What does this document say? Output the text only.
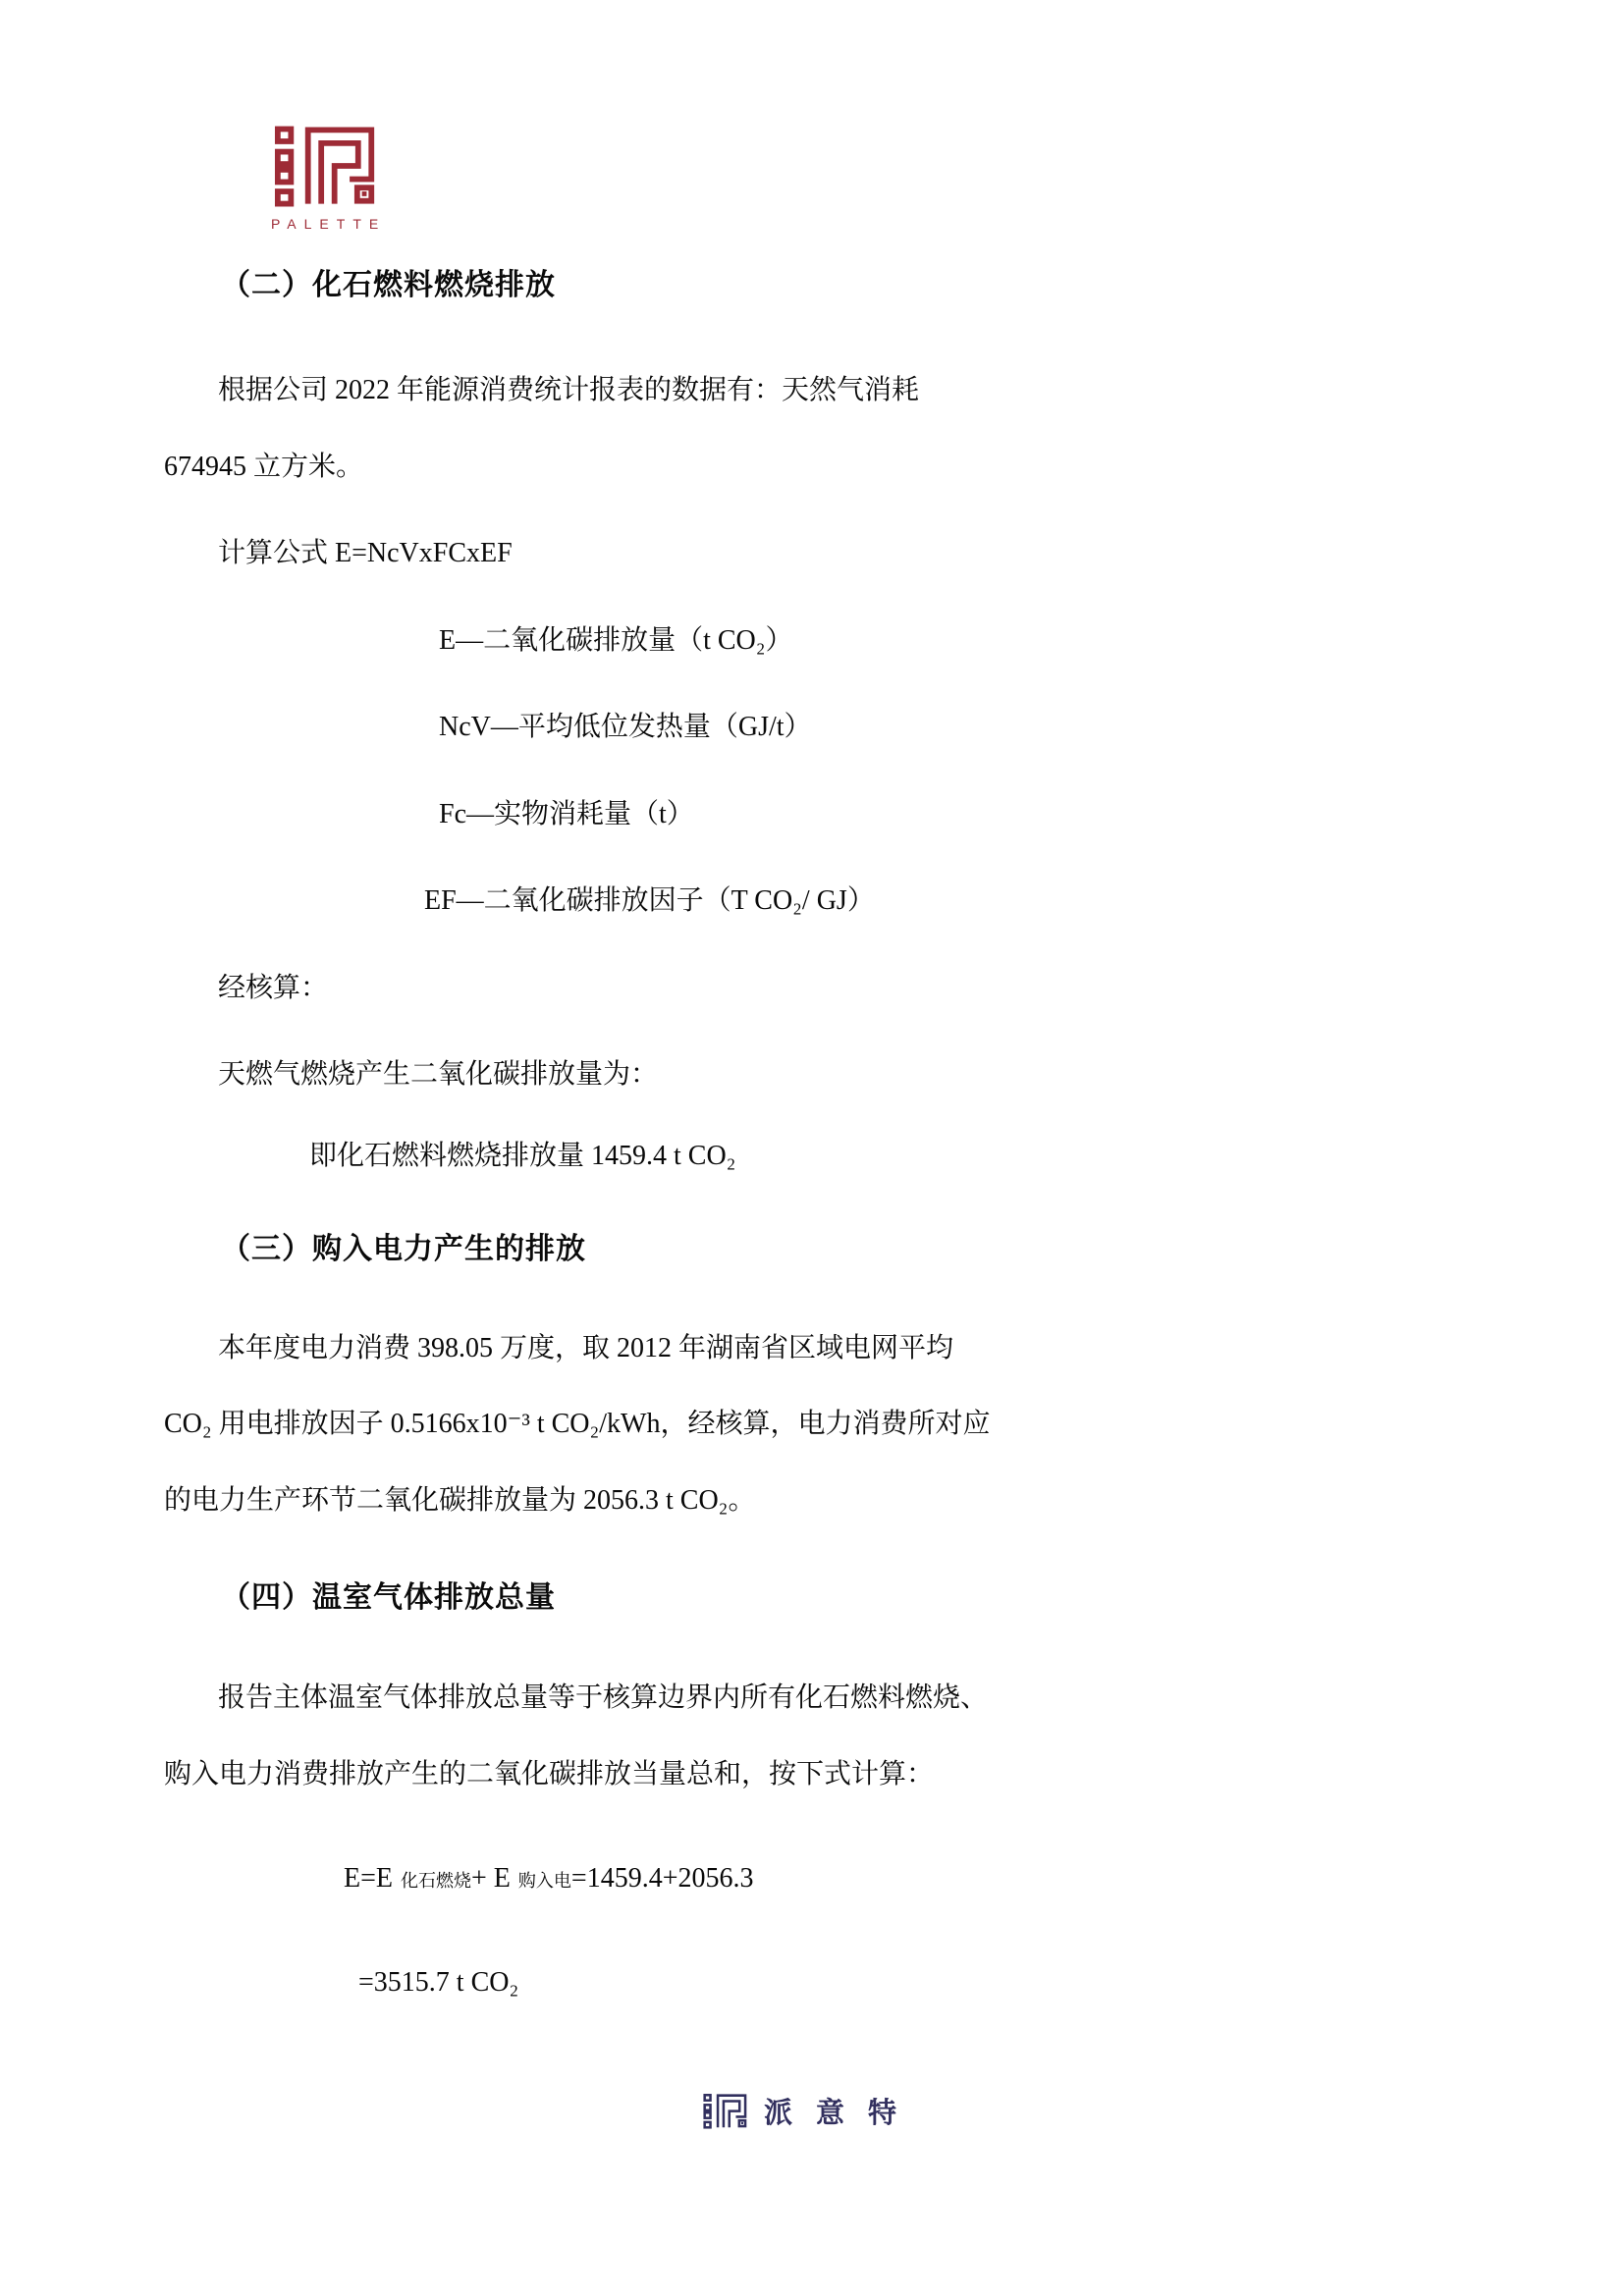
PALETTE
（二）化石燃料燃烧排放
根据公司 2022 年能源消费统计报表的数据有：天然气消耗
674945 立方米。
计算公式 E=NcVxFCxEF
E—二氧化碳排放量（t CO₂）
NcV—平均低位发热量（GJ/t）
Fc—实物消耗量（t）
EF—二氧化碳排放因子（T CO₂/ GJ）
经核算：
天燃气燃烧产生二氧化碳排放量为：
即化石燃料燃烧排放量 1459.4 t CO₂
（三）购入电力产生的排放
本年度电力消费 398.05 万度，取 2012 年湖南省区域电网平均
CO₂ 用电排放因子 0.5166x10⁻³ t CO₂/kWh，经核算，电力消费所对应
的电力生产环节二氧化碳排放量为 2056.3 t CO₂。
（四）温室气体排放总量
报告主体温室气体排放总量等于核算边界内所有化石燃料燃烧、
购入电力消费排放产生的二氧化碳排放当量总和，按下式计算：
E=E 化石燃烧+ E 购入电=1459.4+2056.3
=3515.7 t CO₂
派意特
